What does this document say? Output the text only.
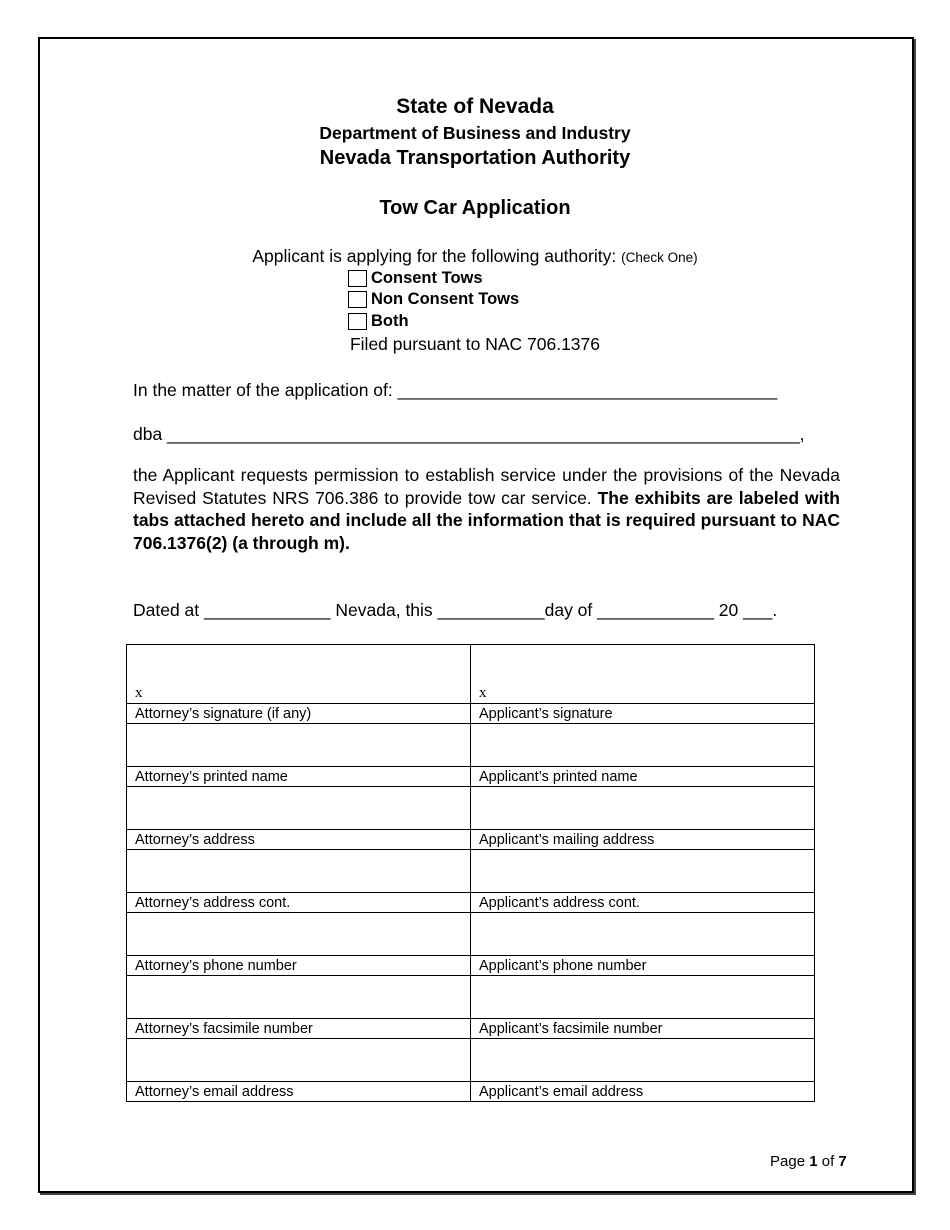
State of Nevada
Department of Business and Industry
Nevada Transportation Authority
Tow Car Application
Applicant is applying for the following authority: (Check One)
Consent Tows
Non Consent Tows
Both
Filed pursuant to NAC 706.1376
In the matter of the application of: _______________________________________
dba _________________________________________________________________,
the Applicant requests permission to establish service under the provisions of the Nevada Revised Statutes NRS 706.386 to provide tow car service. The exhibits are labeled with tabs attached hereto and include all the information that is required pursuant to NAC 706.1376(2) (a through m).
Dated at _____________ Nevada, this ___________day of ____________ 20 ___.
x	x

Attorney’s signature (if any)	Applicant’s signature

Attorney’s printed name	Applicant’s printed name

Attorney’s address	Applicant’s mailing address

Attorney’s address cont.	Applicant’s address cont.

Attorney’s phone number	Applicant’s phone number

Attorney’s facsimile number	Applicant’s facsimile number

Attorney’s email address	Applicant’s email address
Page 1 of 7
